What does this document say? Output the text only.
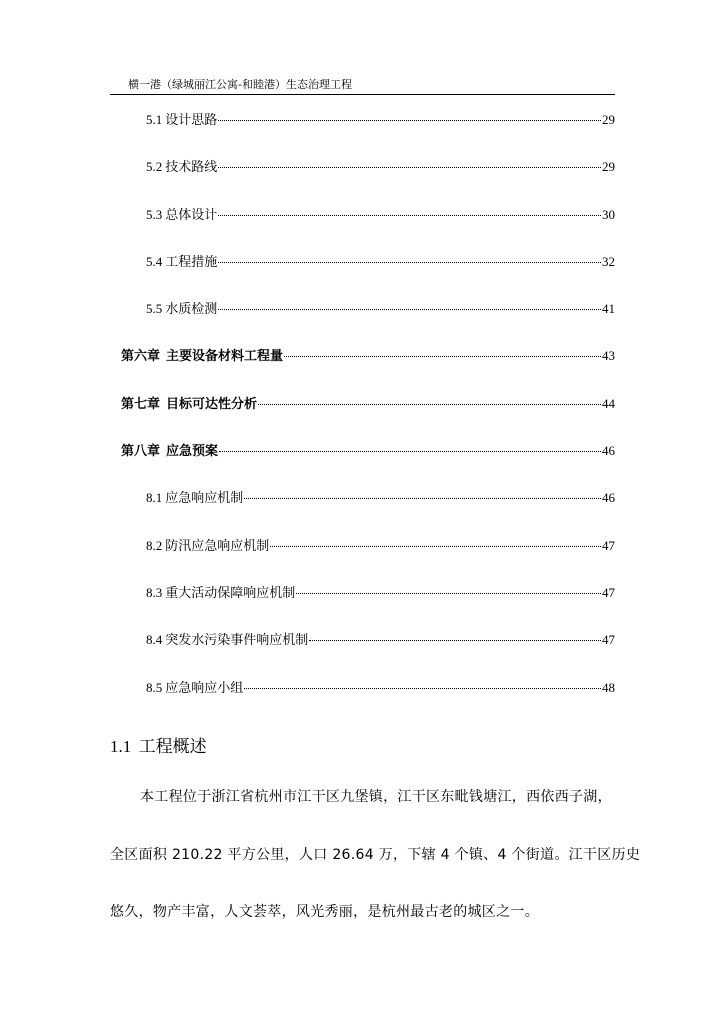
横一港（绿城丽江公寓-和睦港）生态治理工程
5.1 设计思路	29
5.2 技术路线	29
5.3 总体设计	30
5.4 工程措施	32
5.5 水质检测	41
第六章 主要设备材料工程量	43
第七章 目标可达性分析	44
第八章 应急预案	46
8.1 应急响应机制	46
8.2 防汛应急响应机制	47
8.3 重大活动保障响应机制	47
8.4 突发水污染事件响应机制	47
8.5 应急响应小组	48
1.1 工程概述
本工程位于浙江省杭州市江干区九堡镇，江干区东毗钱塘江，西依西子湖，
全区面积 210.22 平方公里，人口 26.64 万，下辖 4 个镇、4 个街道。江干区历史
悠久，物产丰富，人文荟萃，风光秀丽，是杭州最古老的城区之一。
